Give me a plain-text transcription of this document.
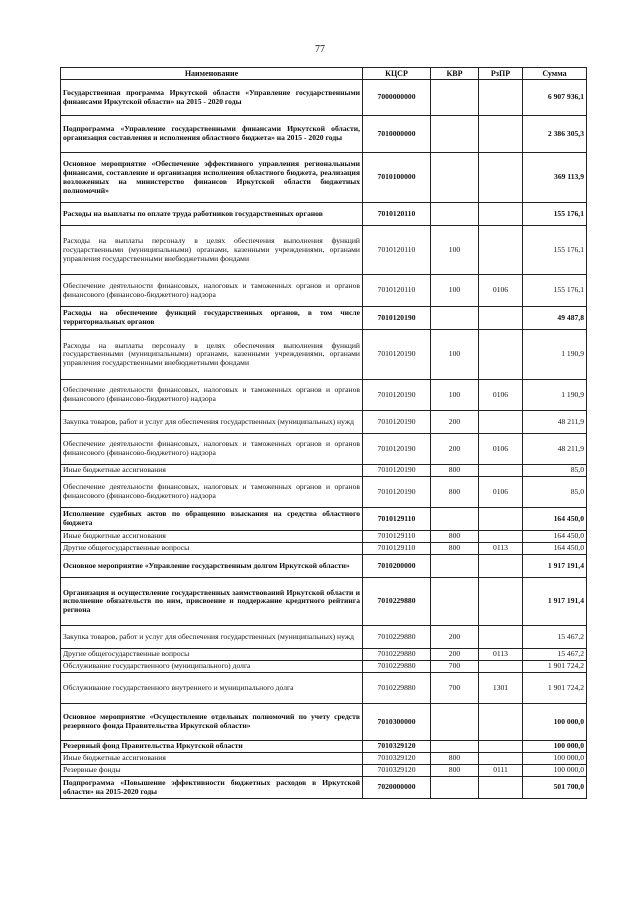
77
Наименование	КЦСР	КВР	РзПР	Сумма
Государственная программа Иркутской области «Управление государственными финансами Иркутской области» на 2015 - 2020 годы	7000000000			6 907 936,1
Подпрограмма «Управление государственными финансами Иркутской области, организация составления и исполнения областного бюджета» на 2015 - 2020 годы	7010000000			2 386 305,3
Основное мероприятие «Обеспечение эффективного управления региональными финансами, составление и организация исполнения областного бюджета, реализация возложенных на министерство финансов Иркутской области бюджетных полномочий»	7010100000			369 113,9
Расходы на выплаты по оплате труда работников государственных органов	7010120110			155 176,1
Расходы на выплаты персоналу в целях обеспечения выполнения функций государственными (муниципальными) органами, казенными учреждениями, органами управления государственными внебюджетными фондами	7010120110	100		155 176,1
Обеспечение деятельности финансовых, налоговых и таможенных органов и органов финансового (финансово-бюджетного) надзора	7010120110	100	0106	155 176,1
Расходы на обеспечение функций государственных органов, в том числе территориальных органов	7010120190			49 487,8
Расходы на выплаты персоналу в целях обеспечения выполнения функций государственными (муниципальными) органами, казенными учреждениями, органами управления государственными внебюджетными фондами	7010120190	100		1 190,9
Обеспечение деятельности финансовых, налоговых и таможенных органов и органов финансового (финансово-бюджетного) надзора	7010120190	100	0106	1 190,9
Закупка товаров, работ и услуг для обеспечения государственных (муниципальных) нужд	7010120190	200		48 211,9
Обеспечение деятельности финансовых, налоговых и таможенных органов и органов финансового (финансово-бюджетного) надзора	7010120190	200	0106	48 211,9
Иные бюджетные ассигнования	7010120190	800		85,0
Обеспечение деятельности финансовых, налоговых и таможенных органов и органов финансового (финансово-бюджетного) надзора	7010120190	800	0106	85,0
Исполнение судебных актов по обращению взыскания на средства областного бюджета	7010129110			164 450,0
Иные бюджетные ассигнования	7010129110	800		164 450,0
Другие общегосударственные вопросы	7010129110	800	0113	164 450,0
Основное мероприятие «Управление государственным долгом Иркутской области»	7010200000			1 917 191,4
Организация и осуществление государственных заимствований Иркутской области и исполнение обязательств по ним, присвоение и поддержание кредитного рейтинга региона	7010229880			1 917 191,4
Закупка товаров, работ и услуг для обеспечения государственных (муниципальных) нужд	7010229880	200		15 467,2
Другие общегосударственные вопросы	7010229880	200	0113	15 467,2
Обслуживание государственного (муниципального) долга	7010229880	700		1 901 724,2
Обслуживание государственного внутреннего и муниципального долга	7010229880	700	1301	1 901 724,2
Основное мероприятие «Осуществление отдельных полномочий по учету средств резервного фонда Правительства Иркутской области»	7010300000			100 000,0
Резервный фонд Правительства Иркутской области	7010329120			100 000,0
Иные бюджетные ассигнования	7010329120	800		100 000,0
Резервные фонды	7010329120	800	0111	100 000,0
Подпрограмма «Повышение эффективности бюджетных расходов в Иркутской области» на 2015-2020 годы	7020000000			501 700,0
